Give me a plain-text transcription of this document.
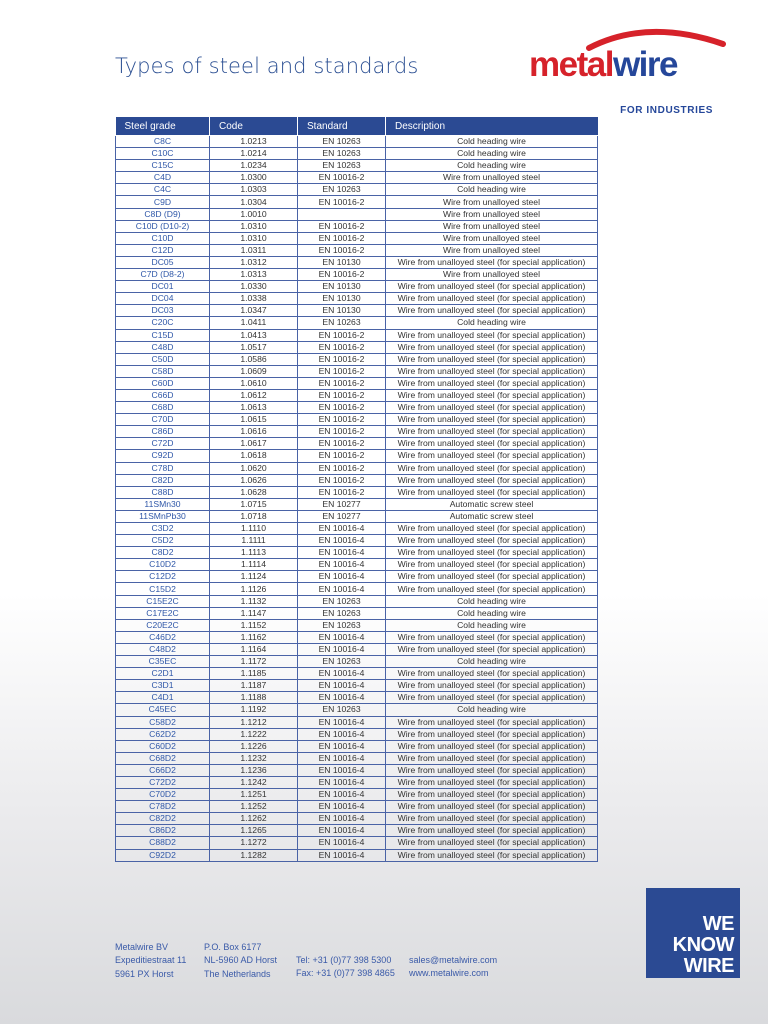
Types of steel and standards	metalwire
FOR INDUSTRIES
Steel grade	Code	Standard	Description
C8C	1.0213	EN 10263	Cold heading wire
C10C	1.0214	EN 10263	Cold heading wire
C15C	1.0234	EN 10263	Cold heading wire
C4D	1.0300	EN 10016-2	Wire from unalloyed steel
C4C	1.0303	EN 10263	Cold heading wire
C9D	1.0304	EN 10016-2	Wire from unalloyed steel
C8D (D9)	1.0010		Wire from unalloyed steel
C10D (D10-2)	1.0310	EN 10016-2	Wire from unalloyed steel
C10D	1.0310	EN 10016-2	Wire from unalloyed steel
C12D	1.0311	EN 10016-2	Wire from unalloyed steel
DC05	1.0312	EN 10130	Wire from unalloyed steel (for special application)
C7D (D8-2)	1.0313	EN 10016-2	Wire from unalloyed steel
DC01	1.0330	EN 10130	Wire from unalloyed steel (for special application)
DC04	1.0338	EN 10130	Wire from unalloyed steel (for special application)
DC03	1.0347	EN 10130	Wire from unalloyed steel (for special application)
C20C	1.0411	EN 10263	Cold heading wire
C15D	1.0413	EN 10016-2	Wire from unalloyed steel (for special application)
C48D	1.0517	EN 10016-2	Wire from unalloyed steel (for special application)
C50D	1.0586	EN 10016-2	Wire from unalloyed steel (for special application)
C58D	1.0609	EN 10016-2	Wire from unalloyed steel (for special application)
C60D	1.0610	EN 10016-2	Wire from unalloyed steel (for special application)
C66D	1.0612	EN 10016-2	Wire from unalloyed steel (for special application)
C68D	1.0613	EN 10016-2	Wire from unalloyed steel (for special application)
C70D	1.0615	EN 10016-2	Wire from unalloyed steel (for special application)
C86D	1.0616	EN 10016-2	Wire from unalloyed steel (for special application)
C72D	1.0617	EN 10016-2	Wire from unalloyed steel (for special application)
C92D	1.0618	EN 10016-2	Wire from unalloyed steel (for special application)
C78D	1.0620	EN 10016-2	Wire from unalloyed steel (for special application)
C82D	1.0626	EN 10016-2	Wire from unalloyed steel (for special application)
C88D	1.0628	EN 10016-2	Wire from unalloyed steel (for special application)
11SMn30	1.0715	EN 10277	Automatic screw steel
11SMnPb30	1.0718	EN 10277	Automatic screw steel
C3D2	1.1110	EN 10016-4	Wire from unalloyed steel (for special application)
C5D2	1.1111	EN 10016-4	Wire from unalloyed steel (for special application)
C8D2	1.1113	EN 10016-4	Wire from unalloyed steel (for special application)
C10D2	1.1114	EN 10016-4	Wire from unalloyed steel (for special application)
C12D2	1.1124	EN 10016-4	Wire from unalloyed steel (for special application)
C15D2	1.1126	EN 10016-4	Wire from unalloyed steel (for special application)
C15E2C	1.1132	EN 10263	Cold heading wire
C17E2C	1.1147	EN 10263	Cold heading wire
C20E2C	1.1152	EN 10263	Cold heading wire
C46D2	1.1162	EN 10016-4	Wire from unalloyed steel (for special application)
C48D2	1.1164	EN 10016-4	Wire from unalloyed steel (for special application)
C35EC	1.1172	EN 10263	Cold heading wire
C2D1	1.1185	EN 10016-4	Wire from unalloyed steel (for special application)
C3D1	1.1187	EN 10016-4	Wire from unalloyed steel (for special application)
C4D1	1.1188	EN 10016-4	Wire from unalloyed steel (for special application)
C45EC	1.1192	EN 10263	Cold heading wire
C58D2	1.1212	EN 10016-4	Wire from unalloyed steel (for special application)
C62D2	1.1222	EN 10016-4	Wire from unalloyed steel (for special application)
C60D2	1.1226	EN 10016-4	Wire from unalloyed steel (for special application)
C68D2	1.1232	EN 10016-4	Wire from unalloyed steel (for special application)
C66D2	1.1236	EN 10016-4	Wire from unalloyed steel (for special application)
C72D2	1.1242	EN 10016-4	Wire from unalloyed steel (for special application)
C70D2	1.1251	EN 10016-4	Wire from unalloyed steel (for special application)
C78D2	1.1252	EN 10016-4	Wire from unalloyed steel (for special application)
C82D2	1.1262	EN 10016-4	Wire from unalloyed steel (for special application)
C86D2	1.1265	EN 10016-4	Wire from unalloyed steel (for special application)
C88D2	1.1272	EN 10016-4	Wire from unalloyed steel (for special application)
C92D2	1.1282	EN 10016-4	Wire from unalloyed steel (for special application)
Metalwire BV
Expeditiestraat 11
5961 PX Horst
P.O. Box 6177
NL-5960 AD Horst
The Netherlands
Tel: +31 (0)77 398 5300
Fax: +31 (0)77 398 4865
sales@metalwire.com
www.metalwire.com
WE
KNOW
WIRE
